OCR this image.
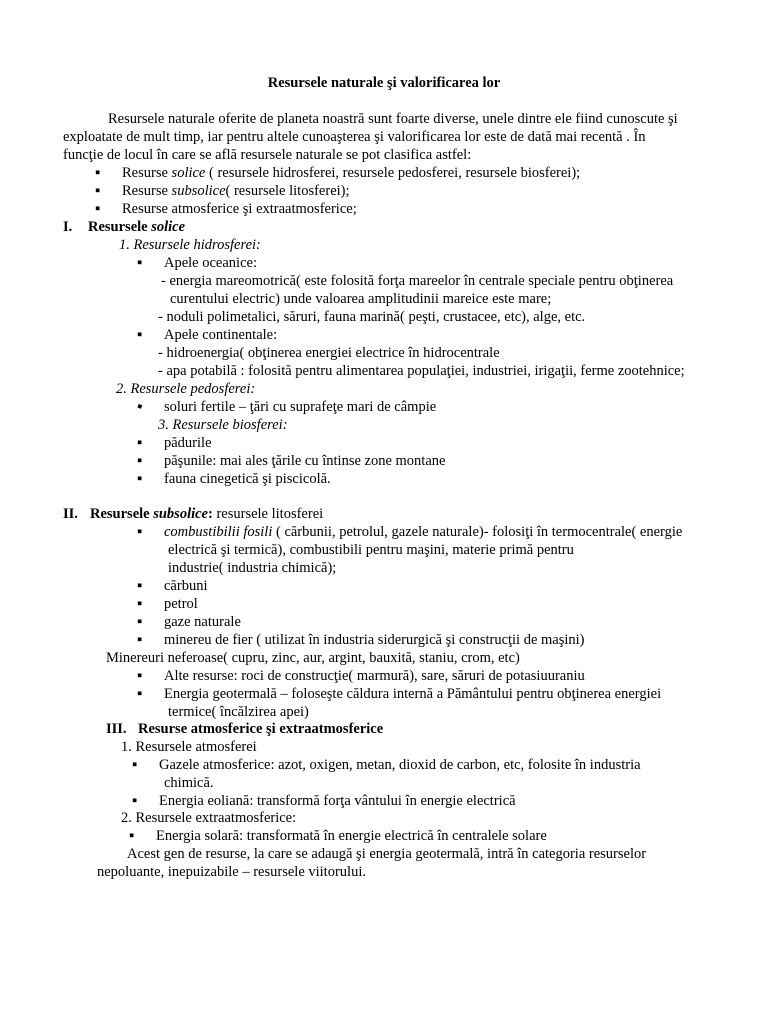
Resursele naturale şi valorificarea lor
Resursele naturale oferite de planeta noastră sunt foarte diverse, unele dintre ele fiind cunoscute şi
exploatate de mult timp, iar pentru altele cunoaşterea şi valorificarea lor este de dată mai recentă . În
funcţie de locul în care se află resursele naturale se pot clasifica astfel:
▪ Resurse solice ( resursele hidrosferei, resursele pedosferei, resursele biosferei);
▪ Resurse subsolice( resursele litosferei);
▪ Resurse atmosferice şi extraatmosferice;
I. Resursele solice
1. Resursele hidrosferei:
▪ Apele oceanice:
- energia mareomotrică( este folosită forţa mareelor în centrale speciale pentru obţinerea
curentului electric) unde valoarea amplitudinii mareice este mare;
- noduli polimetalici, săruri, fauna marină( peşti, crustacee, etc), alge, etc.
▪ Apele continentale:
- hidroenergia( obţinerea energiei electrice în hidrocentrale
- apa potabilă : folosită pentru alimentarea populaţiei, industriei, irigaţii, ferme zootehnice;
2. Resursele pedosferei:
▪ soluri fertile – ţări cu suprafeţe mari de câmpie
3. Resursele biosferei:
▪ pădurile
▪ păşunile: mai ales ţările cu întinse zone montane
▪ fauna cinegetică şi piscicolă.
II. Resursele subsolice: resursele litosferei
▪ combustibilii fosili ( cărbunii, petrolul, gazele naturale)- folosiţi în termocentrale( energie
electrică şi termică), combustibili pentru maşini, materie primă pentru
industrie( industria chimică);
▪ cărbuni
▪ petrol
▪ gaze naturale
▪ minereu de fier ( utilizat în industria siderurgică şi construcţii de maşini)
Minereuri neferoase( cupru, zinc, aur, argint, bauxită, staniu, crom, etc)
▪ Alte resurse: roci de construcţie( marmură), sare, săruri de potasiuuraniu
▪ Energia geotermală – foloseşte căldura internă a Pământului pentru obţinerea energiei
termice( încălzirea apei)
III. Resurse atmosferice şi extraatmosferice
1. Resursele atmosferei
▪ Gazele atmosferice: azot, oxigen, metan, dioxid de carbon, etc, folosite în industria
chimică.
▪ Energia eoliană: transformă forţa vântului în energie electrică
2. Resursele extraatmosferice:
▪ Energia solară: transformată în energie electrică în centralele solare
Acest gen de resurse, la care se adaugă şi energia geotermală, intră în categoria resurselor
nepoluante, inepuizabile – resursele viitorului.
